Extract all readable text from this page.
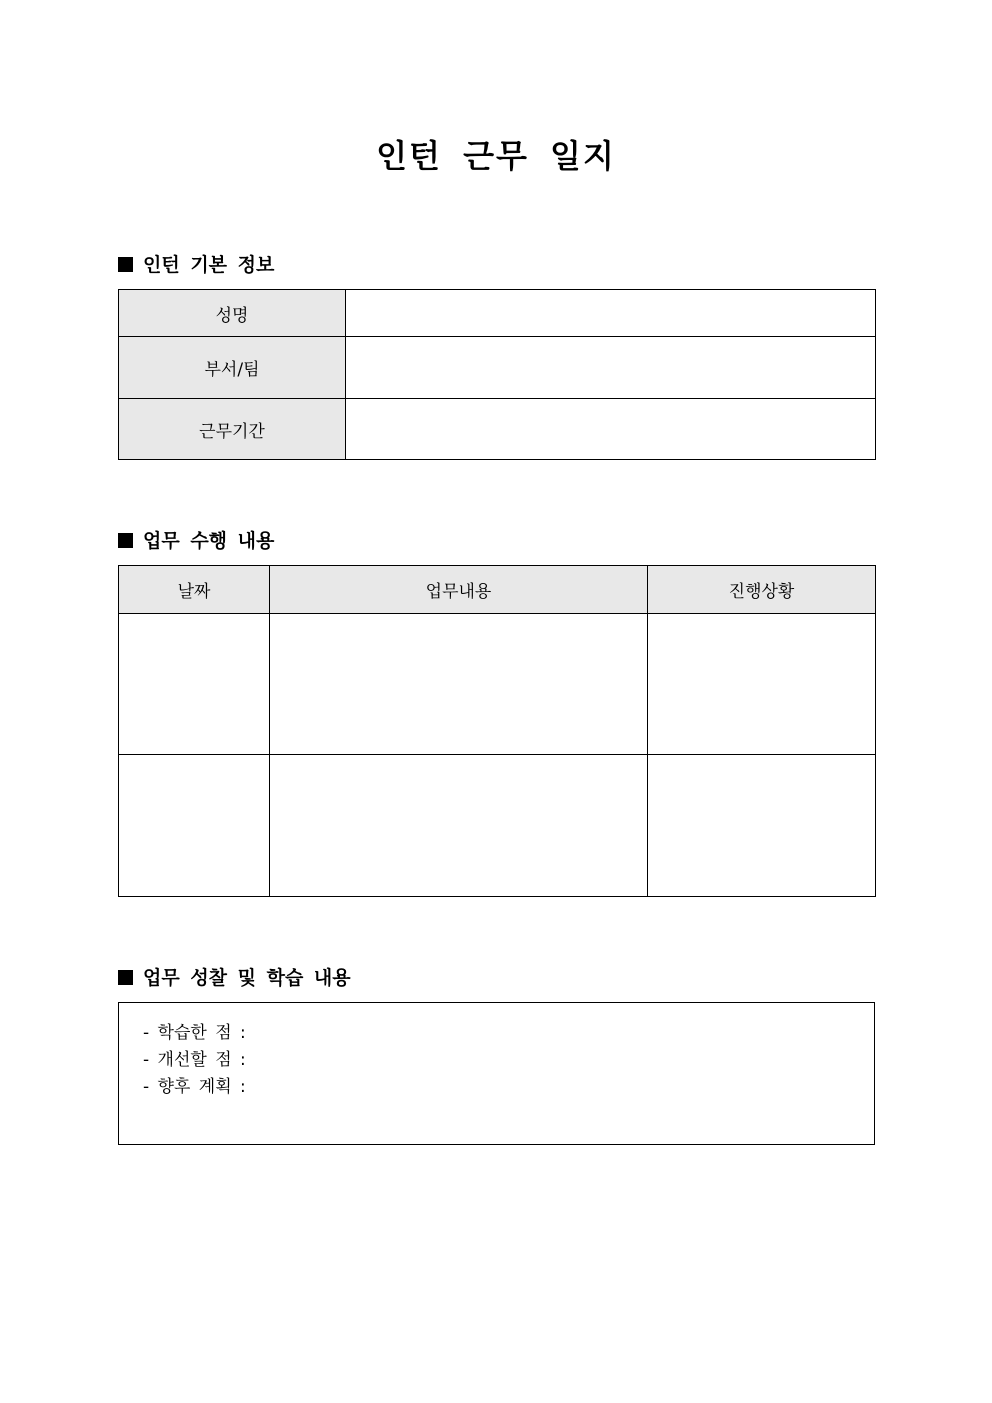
인턴 근무 일지
인턴 기본 정보
성명	
부서/팀	
근무기간	
업무 수행 내용
날짜	업무내용	진행상황

업무 성찰 및 학습 내용
- 학습한 점 :
- 개선할 점 :
- 향후 계획 :
